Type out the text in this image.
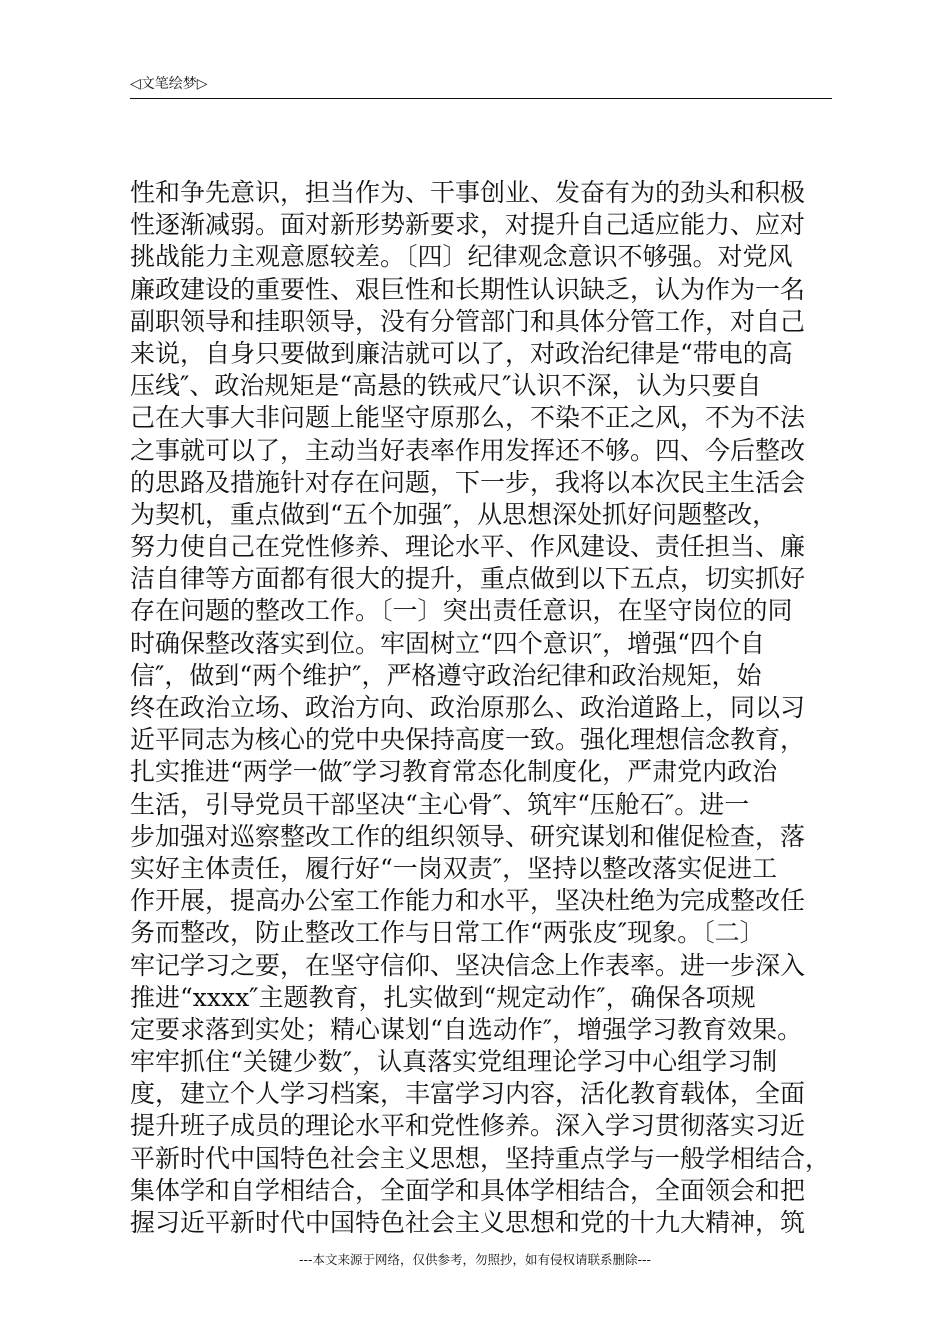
◁文笔绘梦▷
性和争先意识，担当作为、干事创业、发奋有为的劲头和积极
性逐渐减弱。面对新形势新要求，对提升自己适应能力、应对
挑战能力主观意愿较差。〔四〕纪律观念意识不够强。对党风
廉政建设的重要性、艰巨性和长期性认识缺乏，认为作为一名
副职领导和挂职领导，没有分管部门和具体分管工作，对自己
来说，自身只要做到廉洁就可以了，对政治纪律是“带电的高
压线″、政治规矩是“高悬的铁戒尺″认识不深，认为只要自
己在大事大非问题上能坚守原那么，不染不正之风，不为不法
之事就可以了，主动当好表率作用发挥还不够。四、今后整改
的思路及措施针对存在问题，下一步，我将以本次民主生活会
为契机，重点做到“五个加强″，从思想深处抓好问题整改，
努力使自己在党性修养、理论水平、作风建设、责任担当、廉
洁自律等方面都有很大的提升，重点做到以下五点，切实抓好
存在问题的整改工作。〔一〕突出责任意识，在坚守岗位的同
时确保整改落实到位。牢固树立“四个意识″，增强“四个自
信″，做到“两个维护″，严格遵守政治纪律和政治规矩，始
终在政治立场、政治方向、政治原那么、政治道路上，同以习
近平同志为核心的党中央保持高度一致。强化理想信念教育，
扎实推进“两学一做″学习教育常态化制度化，严肃党内政治
生活，引导党员干部坚决“主心骨″、筑牢“压舱石″。进一
步加强对巡察整改工作的组织领导、研究谋划和催促检查，落
实好主体责任，履行好“一岗双责″，坚持以整改落实促进工
作开展，提高办公室工作能力和水平，坚决杜绝为完成整改任
务而整改，防止整改工作与日常工作“两张皮″现象。〔二〕
牢记学习之要，在坚守信仰、坚决信念上作表率。进一步深入
推进“xxxx″主题教育，扎实做到“规定动作″，确保各项规
定要求落到实处；精心谋划“自选动作″，增强学习教育效果。
牢牢抓住“关键少数″，认真落实党组理论学习中心组学习制
度，建立个人学习档案，丰富学习内容，活化教育载体，全面
提升班子成员的理论水平和党性修养。深入学习贯彻落实习近
平新时代中国特色社会主义思想，坚持重点学与一般学相结合，
集体学和自学相结合，全面学和具体学相结合，全面领会和把
握习近平新时代中国特色社会主义思想和党的十九大精神，筑
---本文来源于网络，仅供参考，勿照抄，如有侵权请联系删除---
